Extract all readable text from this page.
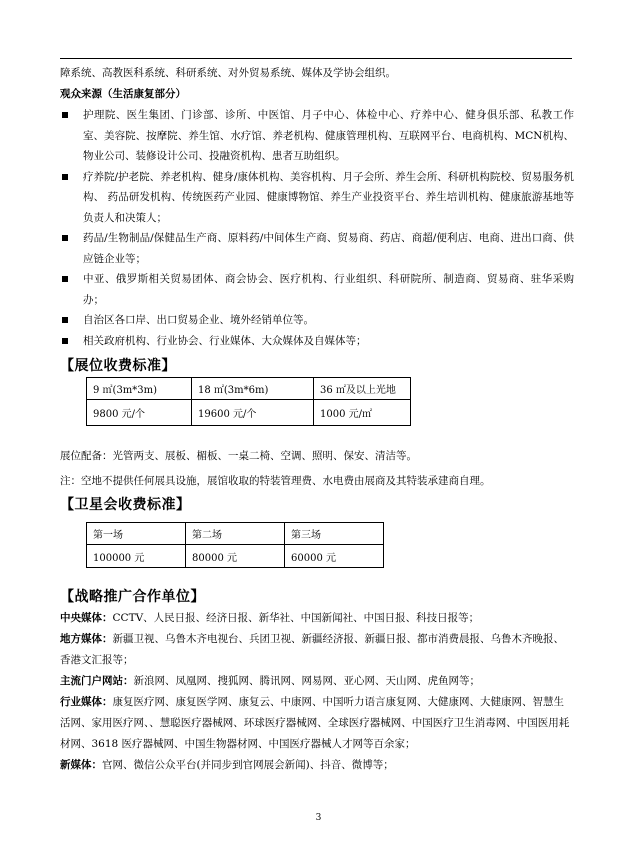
障系统、高教医科系统、科研系统、对外贸易系统、媒体及学协会组织。

观众来源（生活康复部分）

护理院、医生集团、门诊部、诊所、中医馆、月子中心、体检中心、疗养中心、健身俱乐部、私教工作室、美容院、按摩院、养生馆、水疗馆、养老机构、健康管理机构、互联网平台、电商机构、MCN机构、物业公司、装修设计公司、投融资机构、患者互助组织。
疗养院/护老院、养老机构、健身/康体机构、美容机构、月子会所、养生会所、科研机构院校、贸易服务机构、 药品研发机构、传统医药产业园、健康博物馆、养生产业投资平台、养生培训机构、健康旅游基地等负责人和决策人；
药品/生物制品/保健品生产商、原料药/中间体生产商、贸易商、药店、商超/便利店、电商、进出口商、供应链企业等；
中亚、俄罗斯相关贸易团体、商会协会、医疗机构、行业组织、科研院所、制造商、贸易商、驻华采购办；
自治区各口岸、出口贸易企业、境外经销单位等。
相关政府机构、行业协会、行业媒体、大众媒体及自媒体等；
【展位收费标准】
9 ㎡(3m*3m)	18 ㎡(3m*6m)	36 ㎡及以上光地
9800 元/个	19600 元/个	1000 元/㎡

展位配备：光管两支、展板、楣板、一桌二椅、空调、照明、保安、清洁等。

注：空地不提供任何展具设施，展馆收取的特装管理费、水电费由展商及其特装承建商自理。

【卫星会收费标准】
第一场	第二场	第三场
100000 元	80000 元	60000 元
【战略推广合作单位】

中央媒体：CCTV、人民日报、经济日报、新华社、中国新闻社、中国日报、科技日报等；

地方媒体：新疆卫视、乌鲁木齐电视台、兵团卫视、新疆经济报、新疆日报、都市消费晨报、乌鲁木齐晚报、香港文汇报等；

主流门户网站：新浪网、凤凰网、搜狐网、腾讯网、网易网、亚心网、天山网、虎鱼网等；

行业媒体：康复医疗网、康复医学网、康复云、中康网、中国听力语言康复网、大健康网、大健康网、智慧生活网、家用医疗网、、慧聪医疗器械网、环球医疗器械网、全球医疗器械网、中国医疗卫生消毒网、中国医用耗材网、3618 医疗器械网、中国生物器材网、中国医疗器械人才网等百余家；

新媒体：官网、微信公众平台(并同步到官网展会新闻)、抖音、微博等；

3
